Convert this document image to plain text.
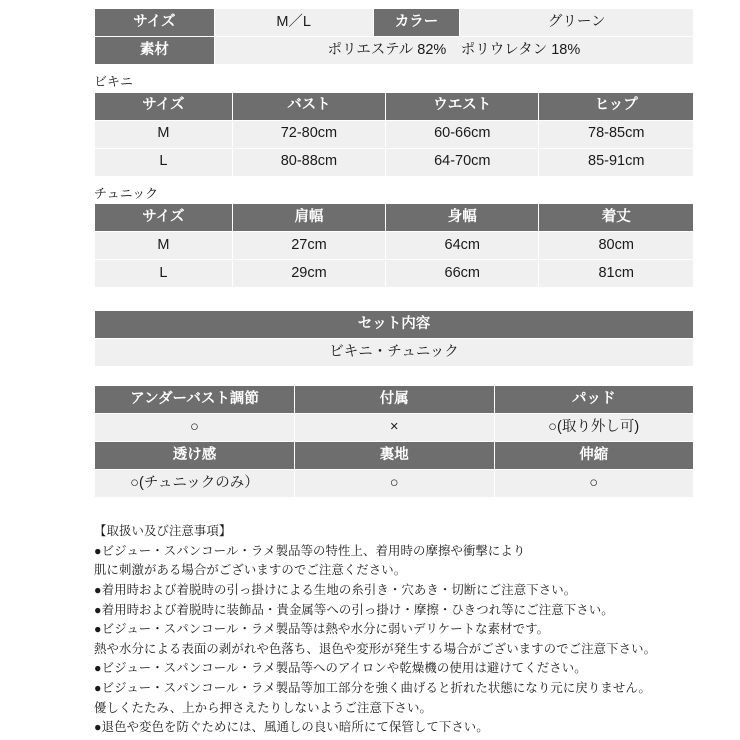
サイズ	M／L	カラー	グリーン
素材	ポリエステル 82%　ポリウレタン 18%		
ビキニ
サイズ	バスト	ウエスト	ヒップ
M	72-80cm	60-66cm	78-85cm
L	80-88cm	64-70cm	85-91cm
チュニック
サイズ	肩幅	身幅	着丈
M	27cm	64cm	80cm
L	29cm	66cm	81cm
セット内容
ビキニ・チュニック
アンダーバスト調節	付属	パッド
○	×	○(取り外し可)
透け感	裏地	伸縮
○(チュニックのみ）	○	○
【取扱い及び注意事項】
●ビジュー・スパンコール・ラメ製品等の特性上、着用時の摩擦や衝撃により
肌に刺激がある場合がございますのでご注意ください。
●着用時および着脱時の引っ掛けによる生地の糸引き・穴あき・切断にご注意下さい。
●着用時および着脱時に装飾品・貴金属等への引っ掛け・摩擦・ひきつれ等にご注意下さい。
●ビジュー・スパンコール・ラメ製品等は熱や水分に弱いデリケートな素材です。
熱や水分による表面の剥がれや色落ち、退色や変形が発生する場合がございますのでご注意下さい。
●ビジュー・スパンコール・ラメ製品等へのアイロンや乾燥機の使用は避けてください。
●ビジュー・スパンコール・ラメ製品等加工部分を強く曲げると折れた状態になり元に戻りません。
優しくたたみ、上から押さえたりしないようご注意下さい。
●退色や変色を防ぐためには、風通しの良い暗所にて保管して下さい。
